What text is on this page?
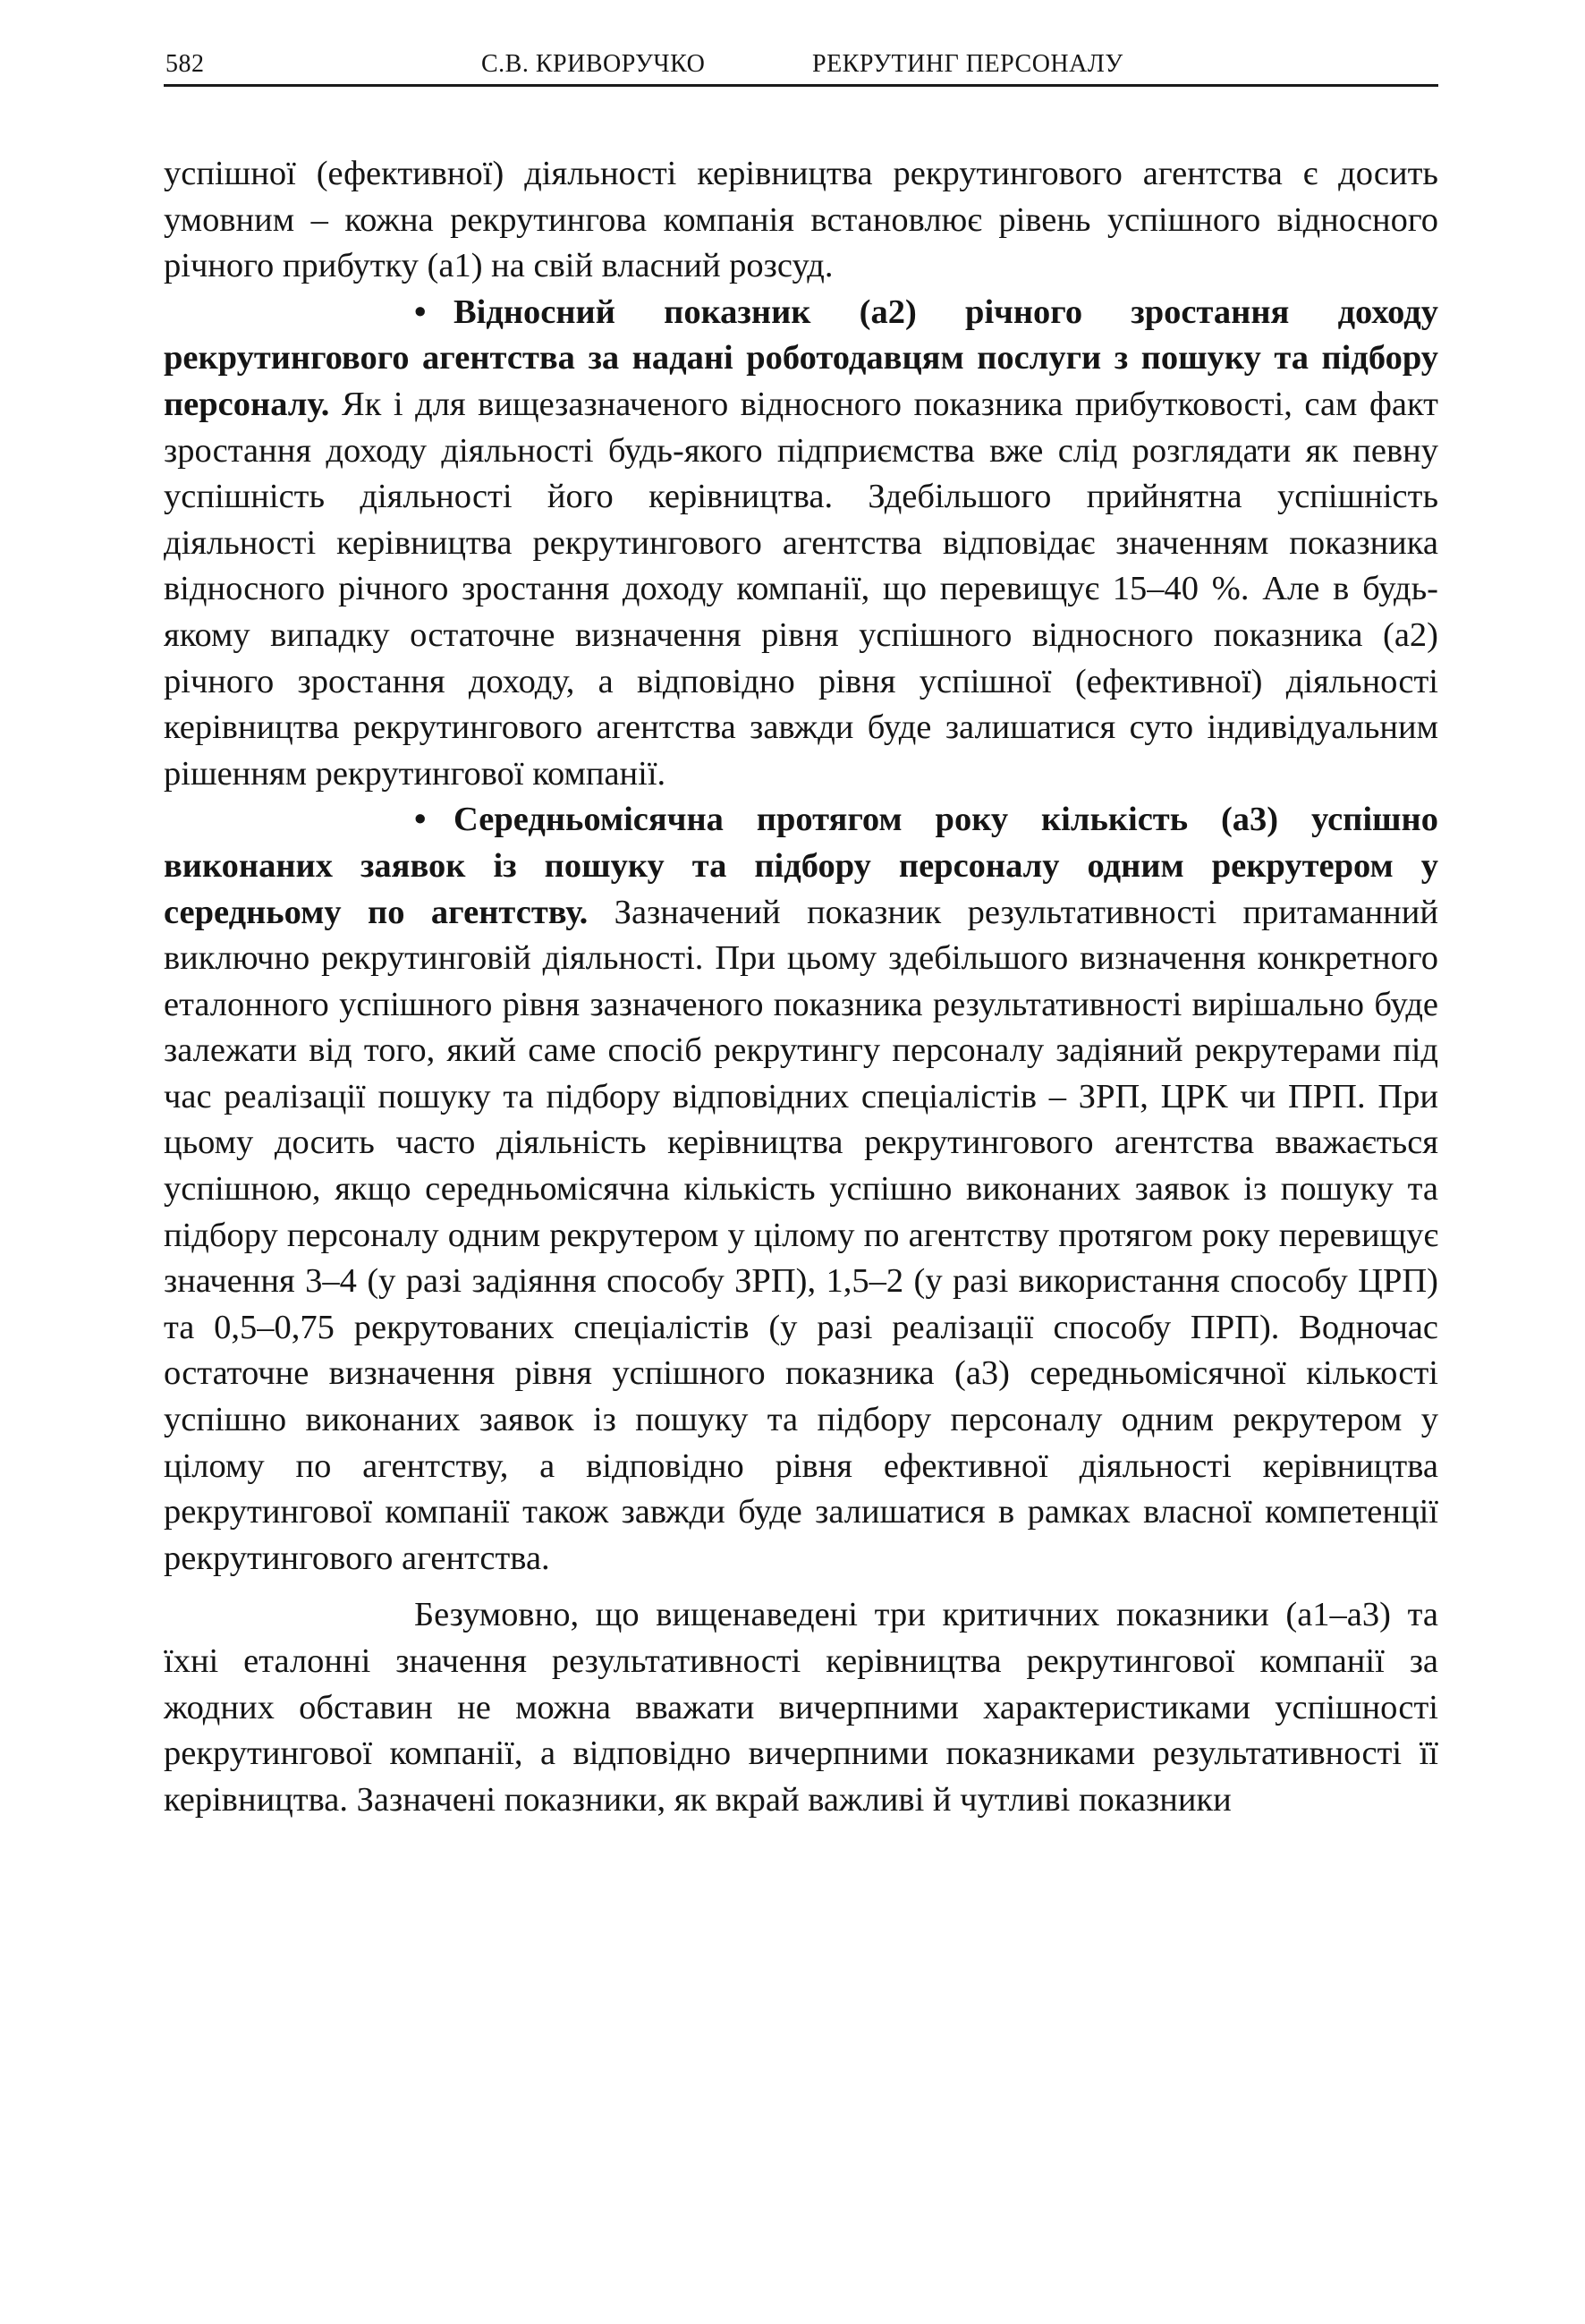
582	С.В. КРИВОРУЧКО	РЕКРУТИНГ ПЕРСОНАЛУ

успішної (ефективної) діяльності керівництва рекрутингового агентства є досить умовним – кожна рекрутингова компанія встановлює рівень успішного відносного річного прибутку (а1) на свій власний розсуд.

• Відносний показник (а2) річного зростання доходу рекрутингового агентства за надані роботодавцям послуги з пошуку та підбору персоналу. Як і для вищезазначеного відносного показника прибутковості, сам факт зростання доходу діяльності будь-якого підприємства вже слід розглядати як певну успішність діяльності його керівництва. Здебільшого прийнятна успішність діяльності керівництва рекрутингового агентства відповідає значенням показника відносного річного зростання доходу компанії, що перевищує 15–40 %. Але в будь-якому випадку остаточне визначення рівня успішного відносного показника (а2) річного зростання доходу, а відповідно рівня успішної (ефективної) діяльності керівництва рекрутингового агентства завжди буде залишатися суто індивідуальним рішенням рекрутингової компанії.

• Середньомісячна протягом року кількість (а3) успішно виконаних заявок із пошуку та підбору персоналу одним рекрутером у середньому по агентству. Зазначений показник результативності притаманний виключно рекрутинговій діяльності. При цьому здебільшого визначення конкретного еталонного успішного рівня зазначеного показника результативності вирішально буде залежати від того, який саме спосіб рекрутингу персоналу задіяний рекрутерами під час реалізації пошуку та підбору відповідних спеціалістів – ЗРП, ЦРК чи ПРП. При цьому досить часто діяльність керівництва рекрутингового агентства вважається успішною, якщо середньомісячна кількість успішно виконаних заявок із пошуку та підбору персоналу одним рекрутером у цілому по агентству протягом року перевищує значення 3–4 (у разі задіяння способу ЗРП), 1,5–2 (у разі використання способу ЦРП) та 0,5–0,75 рекрутованих спеціалістів (у разі реалізації способу ПРП). Водночас остаточне визначення рівня успішного показника (а3) середньомісячної кількості успішно виконаних заявок із пошуку та підбору персоналу одним рекрутером у цілому по агентству, а відповідно рівня ефективної діяльності керівництва рекрутингової компанії також завжди буде залишатися в рамках власної компетенції рекрутингового агентства.

Безумовно, що вищенаведені три критичних показники (а1–а3) та їхні еталонні значення результативності керівництва рекрутингової компанії за жодних обставин не можна вважати вичерпними характеристиками успішності рекрутингової компанії, а відповідно вичерпними показниками результативності її керівництва. Зазначені показники, як вкрай важливі й чутливі показники
